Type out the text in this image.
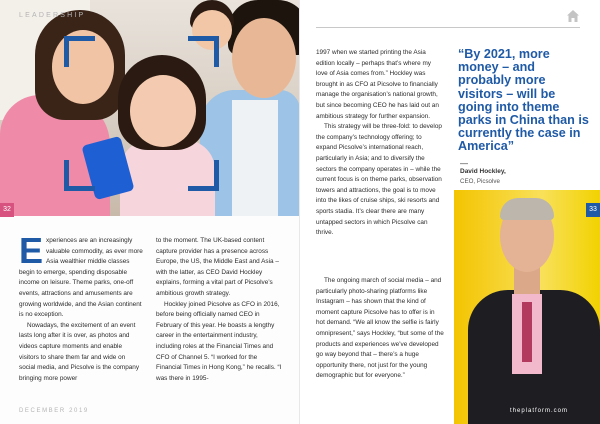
LEADERSHIP
32

Experiences are an increasingly valuable commodity, as ever more Asia wealthier middle classes begin to emerge, spending disposable income on leisure. Theme parks, one-off events, attractions and amusements are growing worldwide, and the Asian continent is no exception.

Nowadays, the excitement of an event lasts long after it is over, as photos and videos capture moments and enable visitors to share them far and wide on social media, and Picsolve is the company bringing more power

to the moment. The UK-based content capture provider has a presence across Europe, the US, the Middle East and Asia – with the latter, as CEO David Hockley explains, forming a vital part of Picsolve’s ambitious growth strategy.

Hockley joined Picsolve as CFO in 2016, before being officially named CEO in February of this year. He boasts a lengthy career in the entertainment industry, including roles at the Financial Times and CFO of Channel 5. “I worked for the Financial Times in Hong Kong,” he recalls. “I was there in 1995-

DECEMBER 2019

1997 when we started printing the Asia edition locally – perhaps that’s where my love of Asia comes from.” Hockley was brought in as CFO at Picsolve to financially manage the organisation’s national growth, but since becoming CEO he has laid out an ambitious strategy for further expansion.

This strategy will be three-fold: to develop the company’s technology offering; to expand Picsolve’s international reach, particularly in Asia; and to diversify the sectors the company operates in – while the current focus is on theme parks, observation towers and attractions, the goal is to move into the likes of cruise ships, ski resorts and sports stadia. It’s clear there are many untapped sectors in which Picsolve can thrive.

The ongoing march of social media – and particularly photo-sharing platforms like Instagram – has shown that the kind of moment capture Picsolve has to offer is in hot demand. “We all know the selfie is fairly omnipresent,” says Hockley, “but some of the products and experiences we’ve developed go way beyond that – there’s a huge opportunity there, not just for the young demographic but for everyone.”

“By 2021, more money – and probably more visitors – will be going into theme parks in China than is currently the case in America”

—
David Hockley,
CEO, Picsolve
33
theplatform.com
